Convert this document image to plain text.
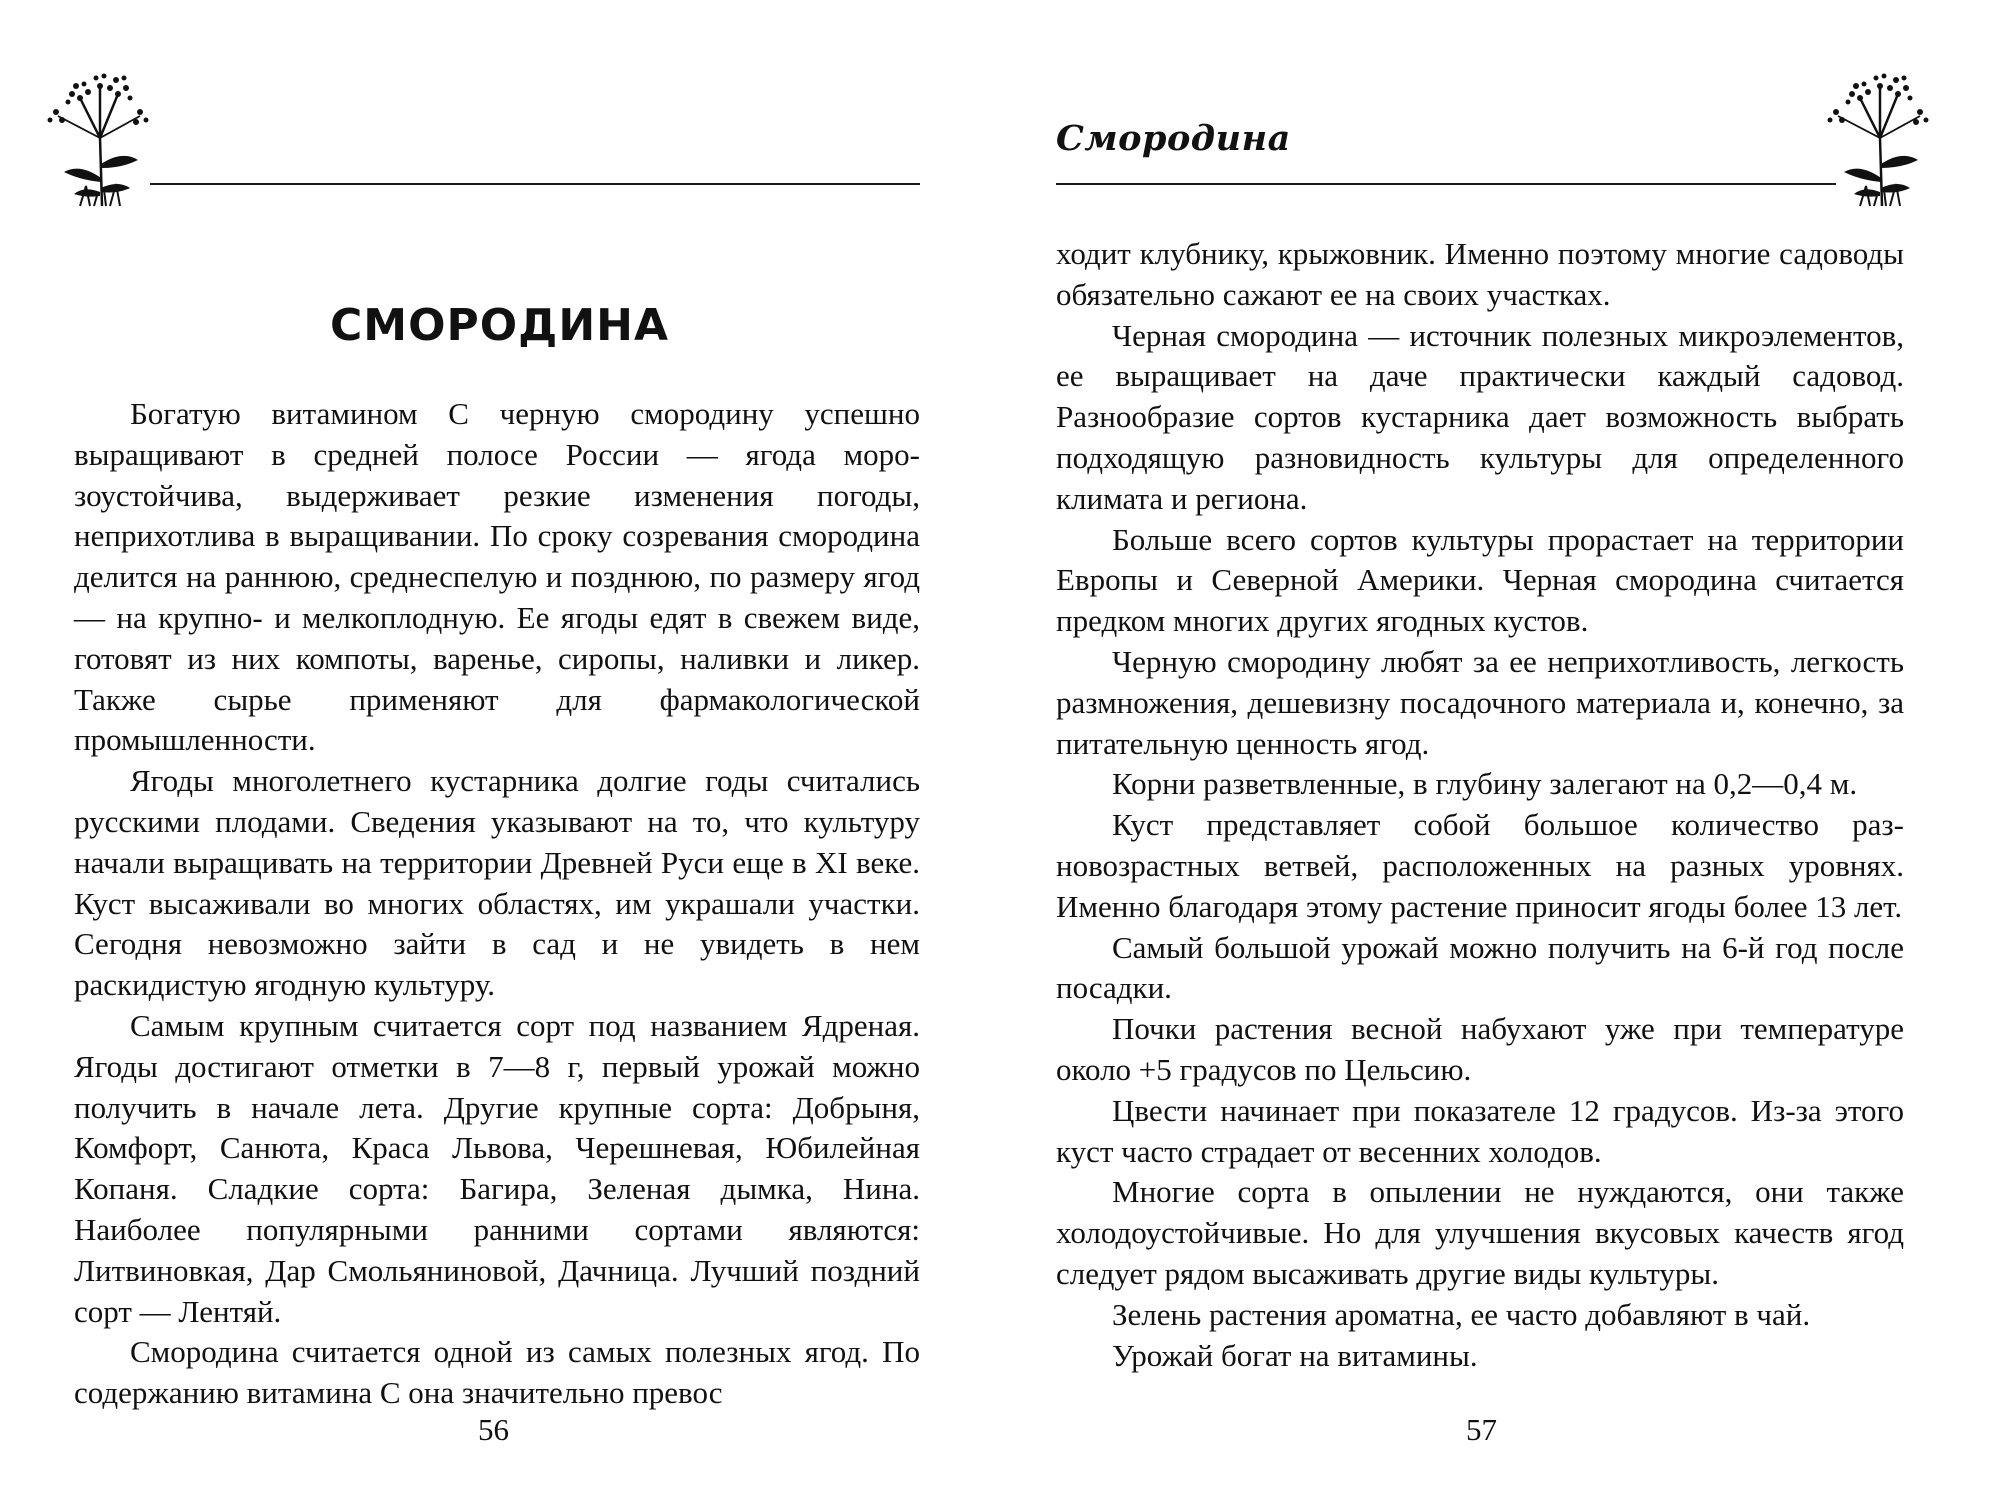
СМОРОДИНА

Богатую витамином С черную смородину успешно выращивают в средней полосе России — ягода морозоустойчива, выдерживает резкие изменения погоды, неприхотлива в выращивании. По сроку созревания смородина делится на раннюю, среднеспелую и позднюю, по размеру ягод — на крупно- и мелкоплодную. Ее ягоды едят в свежем виде, готовят из них компоты, варенье, сиропы, наливки и ликер. Также сырье применяют для фармакологической промышленности.

Ягоды многолетнего кустарника долгие годы считались русскими плодами. Сведения указывают на то, что культуру начали выращивать на территории Древней Руси еще в XI веке. Куст высаживали во многих областях, им украшали участки. Сегодня невозможно зайти в сад и не увидеть в нем раскидистую ягодную культуру.

Самым крупным считается сорт под названием Ядреная. Ягоды достигают отметки в 7—8 г, первый урожай можно получить в начале лета. Другие крупные сорта: Добрыня, Комфорт, Санюта, Краса Львова, Черешневая, Юбилейная Копаня. Сладкие сорта: Багира, Зеленая дымка, Нина. Наиболее популярными ранними сортами являются: Литвиновкая, Дар Смольяниновой, Дачница. Лучший поздний сорт — Лентяй.

Смородина считается одной из самых полезных ягод. По содержанию витамина С она значительно превос

56
Смородина

ходит клубнику, крыжовник. Именно поэтому многие садоводы обязательно сажают ее на своих участках.

Черная смородина — источник полезных микроэлементов, ее выращивает на даче практически каждый садовод. Разнообразие сортов кустарника дает возможность выбрать подходящую разновидность культуры для определенного климата и региона.

Больше всего сортов культуры прорастает на территории Европы и Северной Америки. Черная смородина считается предком многих других ягодных кустов.

Черную смородину любят за ее неприхотливость, легкость размножения, дешевизну посадочного материала и, конечно, за питательную ценность ягод.

Корни разветвленные, в глубину залегают на 0,2—0,4 м.

Куст представляет собой большое количество разновозрастных ветвей, расположенных на разных уровнях. Именно благодаря этому растение приносит ягоды более 13 лет.

Самый большой урожай можно получить на 6-й год после посадки.

Почки растения весной набухают уже при температуре около +5 градусов по Цельсию.

Цвести начинает при показателе 12 градусов. Из-за этого куст часто страдает от весенних холодов.

Многие сорта в опылении не нуждаются, они также холодоустойчивые. Но для улучшения вкусовых качеств ягод следует рядом высаживать другие виды культуры.

Зелень растения ароматна, ее часто добавляют в чай.

Урожай богат на витамины.

57
